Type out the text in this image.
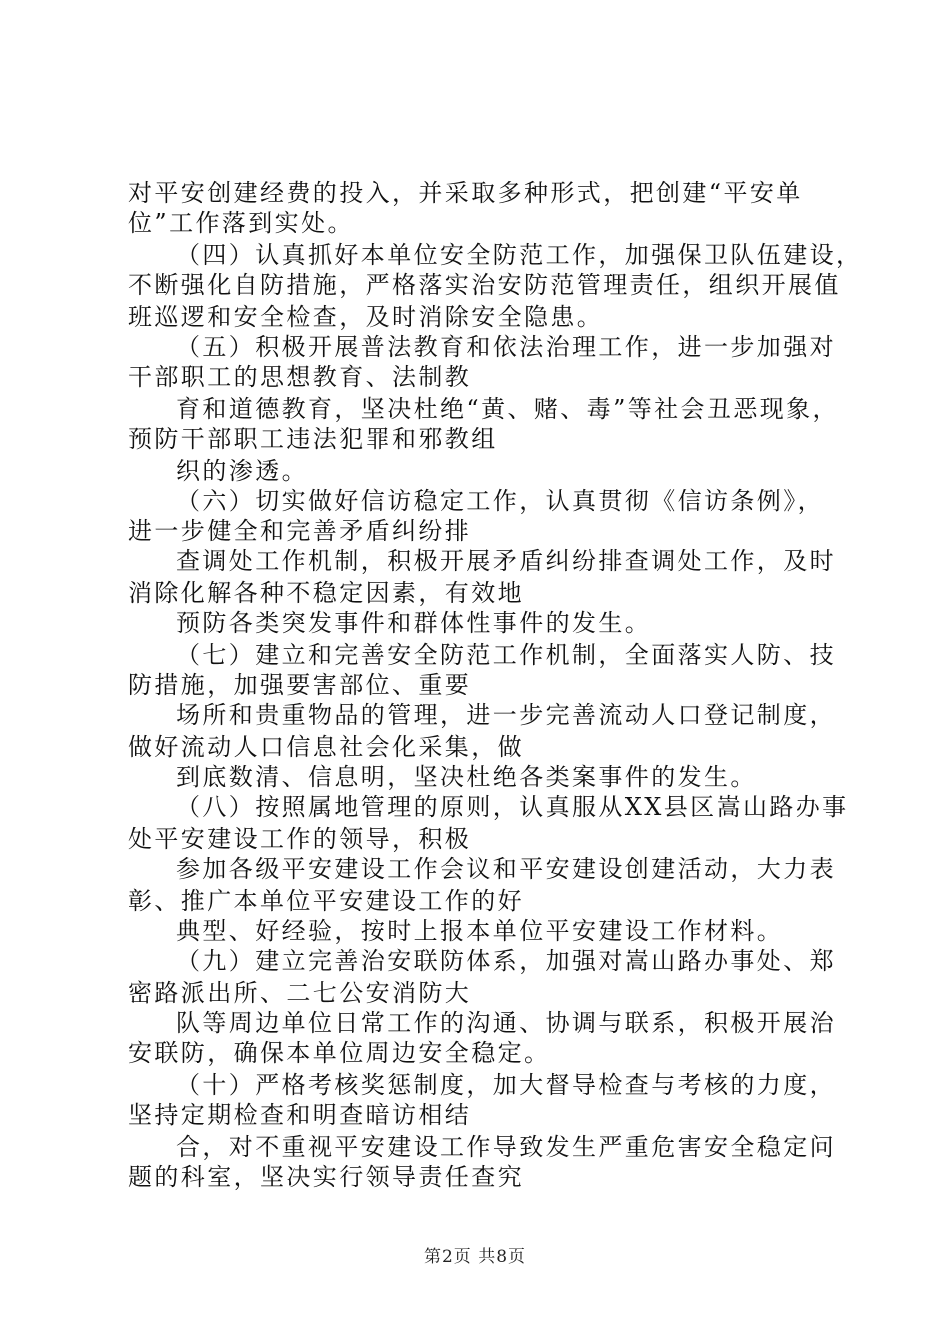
对平安创建经费的投入，并采取多种形式，把创建“平安单
位”工作落到实处。
（四）认真抓好本单位安全防范工作，加强保卫队伍建设，
不断强化自防措施，严格落实治安防范管理责任，组织开展值
班巡逻和安全检查，及时消除安全隐患。
（五）积极开展普法教育和依法治理工作，进一步加强对
干部职工的思想教育、法制教
育和道德教育，坚决杜绝“黄、赌、毒”等社会丑恶现象，
预防干部职工违法犯罪和邪教组
织的渗透。
（六）切实做好信访稳定工作，认真贯彻《信访条例》，
进一步健全和完善矛盾纠纷排
查调处工作机制，积极开展矛盾纠纷排查调处工作，及时
消除化解各种不稳定因素，有效地
预防各类突发事件和群体性事件的发生。
（七）建立和完善安全防范工作机制，全面落实人防、技
防措施，加强要害部位、重要
场所和贵重物品的管理，进一步完善流动人口登记制度，
做好流动人口信息社会化采集，做
到底数清、信息明，坚决杜绝各类案事件的发生。
（八）按照属地管理的原则，认真服从XX县区嵩山路办事
处平安建设工作的领导，积极
参加各级平安建设工作会议和平安建设创建活动，大力表
彰、推广本单位平安建设工作的好
典型、好经验，按时上报本单位平安建设工作材料。
（九）建立完善治安联防体系，加强对嵩山路办事处、郑
密路派出所、二七公安消防大
队等周边单位日常工作的沟通、协调与联系，积极开展治
安联防，确保本单位周边安全稳定。
（十）严格考核奖惩制度，加大督导检查与考核的力度，
坚持定期检查和明查暗访相结
合，对不重视平安建设工作导致发生严重危害安全稳定问
题的科室，坚决实行领导责任查究
第2页 共8页
